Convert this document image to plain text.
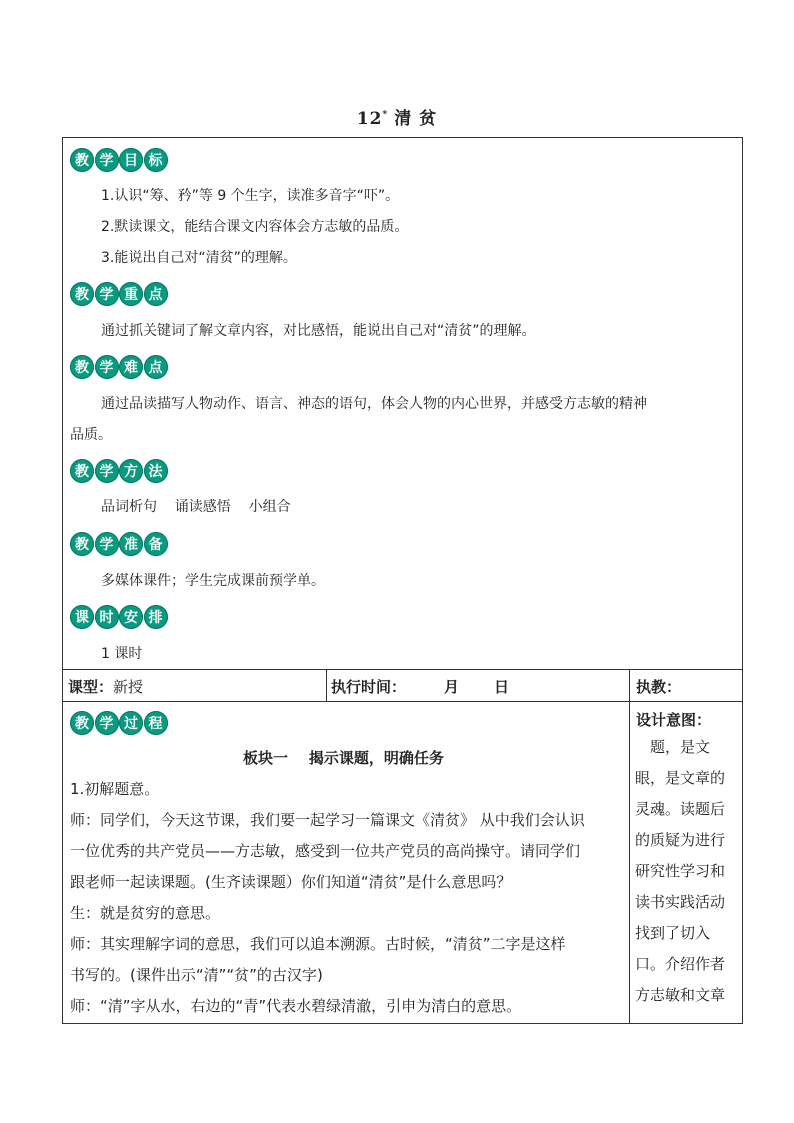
12* 清 贫
教 学 目 标
1.认识“筹、矜”等 9 个生字，读准多音字“吓”。
2.默读课文，能结合课文内容体会方志敏的品质。
3.能说出自己对“清贫”的理解。
教 学 重 点
通过抓关键词了解文章内容，对比感悟，能说出自己对“清贫”的理解。
教 学 难 点
通过品读描写人物动作、语言、神态的语句，体会人物的内心世界，并感受方志敏的精神
品质。
教 学 方 法
品词析句    诵读感悟    小组合
教 学 准 备
多媒体课件；学生完成课前预学单。
课 时 安 排
1 课时
课型：新授	执行时间：	月 日	执教：
教 学 过 程
板块一    揭示课题，明确任务
1.初解题意。
师：同学们，今天这节课，我们要一起学习一篇课文《清贫》 从中我们会认识
一位优秀的共产党员——方志敏，感受到一位共产党员的高尚操守。请同学们
跟老师一起读课题。(生齐读课题）你们知道“清贫”是什么意思吗？
生：就是贫穷的意思。
师：其实理解字词的意思，我们可以追本溯源。古时候，“清贫”二字是这样
书写的。(课件出示“清”“贫”的古汉字)
师：“清”字从水，右边的“青”代表水碧绿清澈，引申为清白的意思。
设计意图：
　题，是文
眼，是文章的
灵魂。读题后
的质疑为进行
研究性学习和
读书实践活动
找到了切入
口。介绍作者
方志敏和文章
